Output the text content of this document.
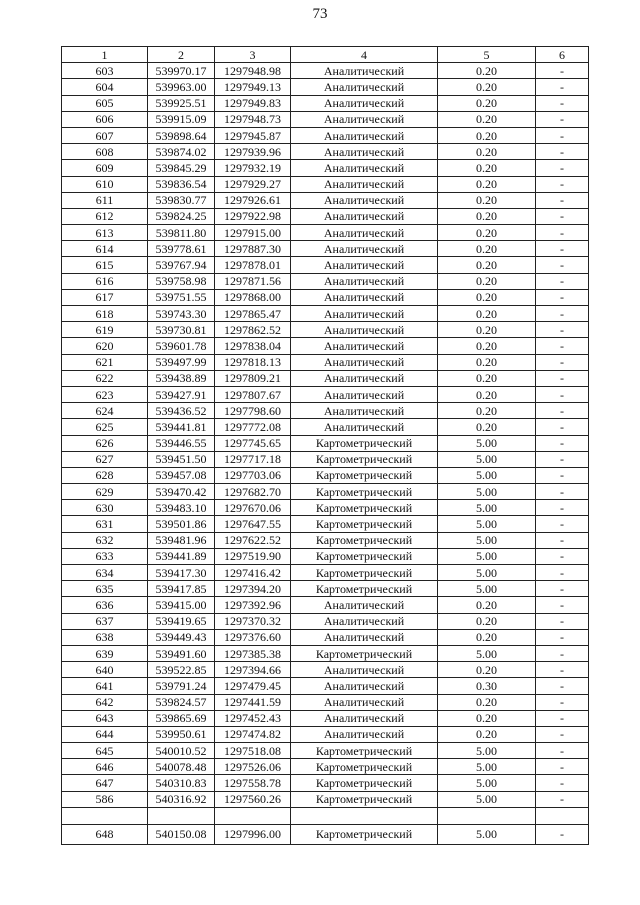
73
1	2	3	4	5	6
603	539970.17	1297948.98	Аналитический	0.20	-
604	539963.00	1297949.13	Аналитический	0.20	-
605	539925.51	1297949.83	Аналитический	0.20	-
606	539915.09	1297948.73	Аналитический	0.20	-
607	539898.64	1297945.87	Аналитический	0.20	-
608	539874.02	1297939.96	Аналитический	0.20	-
609	539845.29	1297932.19	Аналитический	0.20	-
610	539836.54	1297929.27	Аналитический	0.20	-
611	539830.77	1297926.61	Аналитический	0.20	-
612	539824.25	1297922.98	Аналитический	0.20	-
613	539811.80	1297915.00	Аналитический	0.20	-
614	539778.61	1297887.30	Аналитический	0.20	-
615	539767.94	1297878.01	Аналитический	0.20	-
616	539758.98	1297871.56	Аналитический	0.20	-
617	539751.55	1297868.00	Аналитический	0.20	-
618	539743.30	1297865.47	Аналитический	0.20	-
619	539730.81	1297862.52	Аналитический	0.20	-
620	539601.78	1297838.04	Аналитический	0.20	-
621	539497.99	1297818.13	Аналитический	0.20	-
622	539438.89	1297809.21	Аналитический	0.20	-
623	539427.91	1297807.67	Аналитический	0.20	-
624	539436.52	1297798.60	Аналитический	0.20	-
625	539441.81	1297772.08	Аналитический	0.20	-
626	539446.55	1297745.65	Картометрический	5.00	-
627	539451.50	1297717.18	Картометрический	5.00	-
628	539457.08	1297703.06	Картометрический	5.00	-
629	539470.42	1297682.70	Картометрический	5.00	-
630	539483.10	1297670.06	Картометрический	5.00	-
631	539501.86	1297647.55	Картометрический	5.00	-
632	539481.96	1297622.52	Картометрический	5.00	-
633	539441.89	1297519.90	Картометрический	5.00	-
634	539417.30	1297416.42	Картометрический	5.00	-
635	539417.85	1297394.20	Картометрический	5.00	-
636	539415.00	1297392.96	Аналитический	0.20	-
637	539419.65	1297370.32	Аналитический	0.20	-
638	539449.43	1297376.60	Аналитический	0.20	-
639	539491.60	1297385.38	Картометрический	5.00	-
640	539522.85	1297394.66	Аналитический	0.20	-
641	539791.24	1297479.45	Аналитический	0.30	-
642	539824.57	1297441.59	Аналитический	0.20	-
643	539865.69	1297452.43	Аналитический	0.20	-
644	539950.61	1297474.82	Аналитический	0.20	-
645	540010.52	1297518.08	Картометрический	5.00	-
646	540078.48	1297526.06	Картометрический	5.00	-
647	540310.83	1297558.78	Картометрический	5.00	-
586	540316.92	1297560.26	Картометрический	5.00	-

648	540150.08	1297996.00	Картометрический	5.00	-
